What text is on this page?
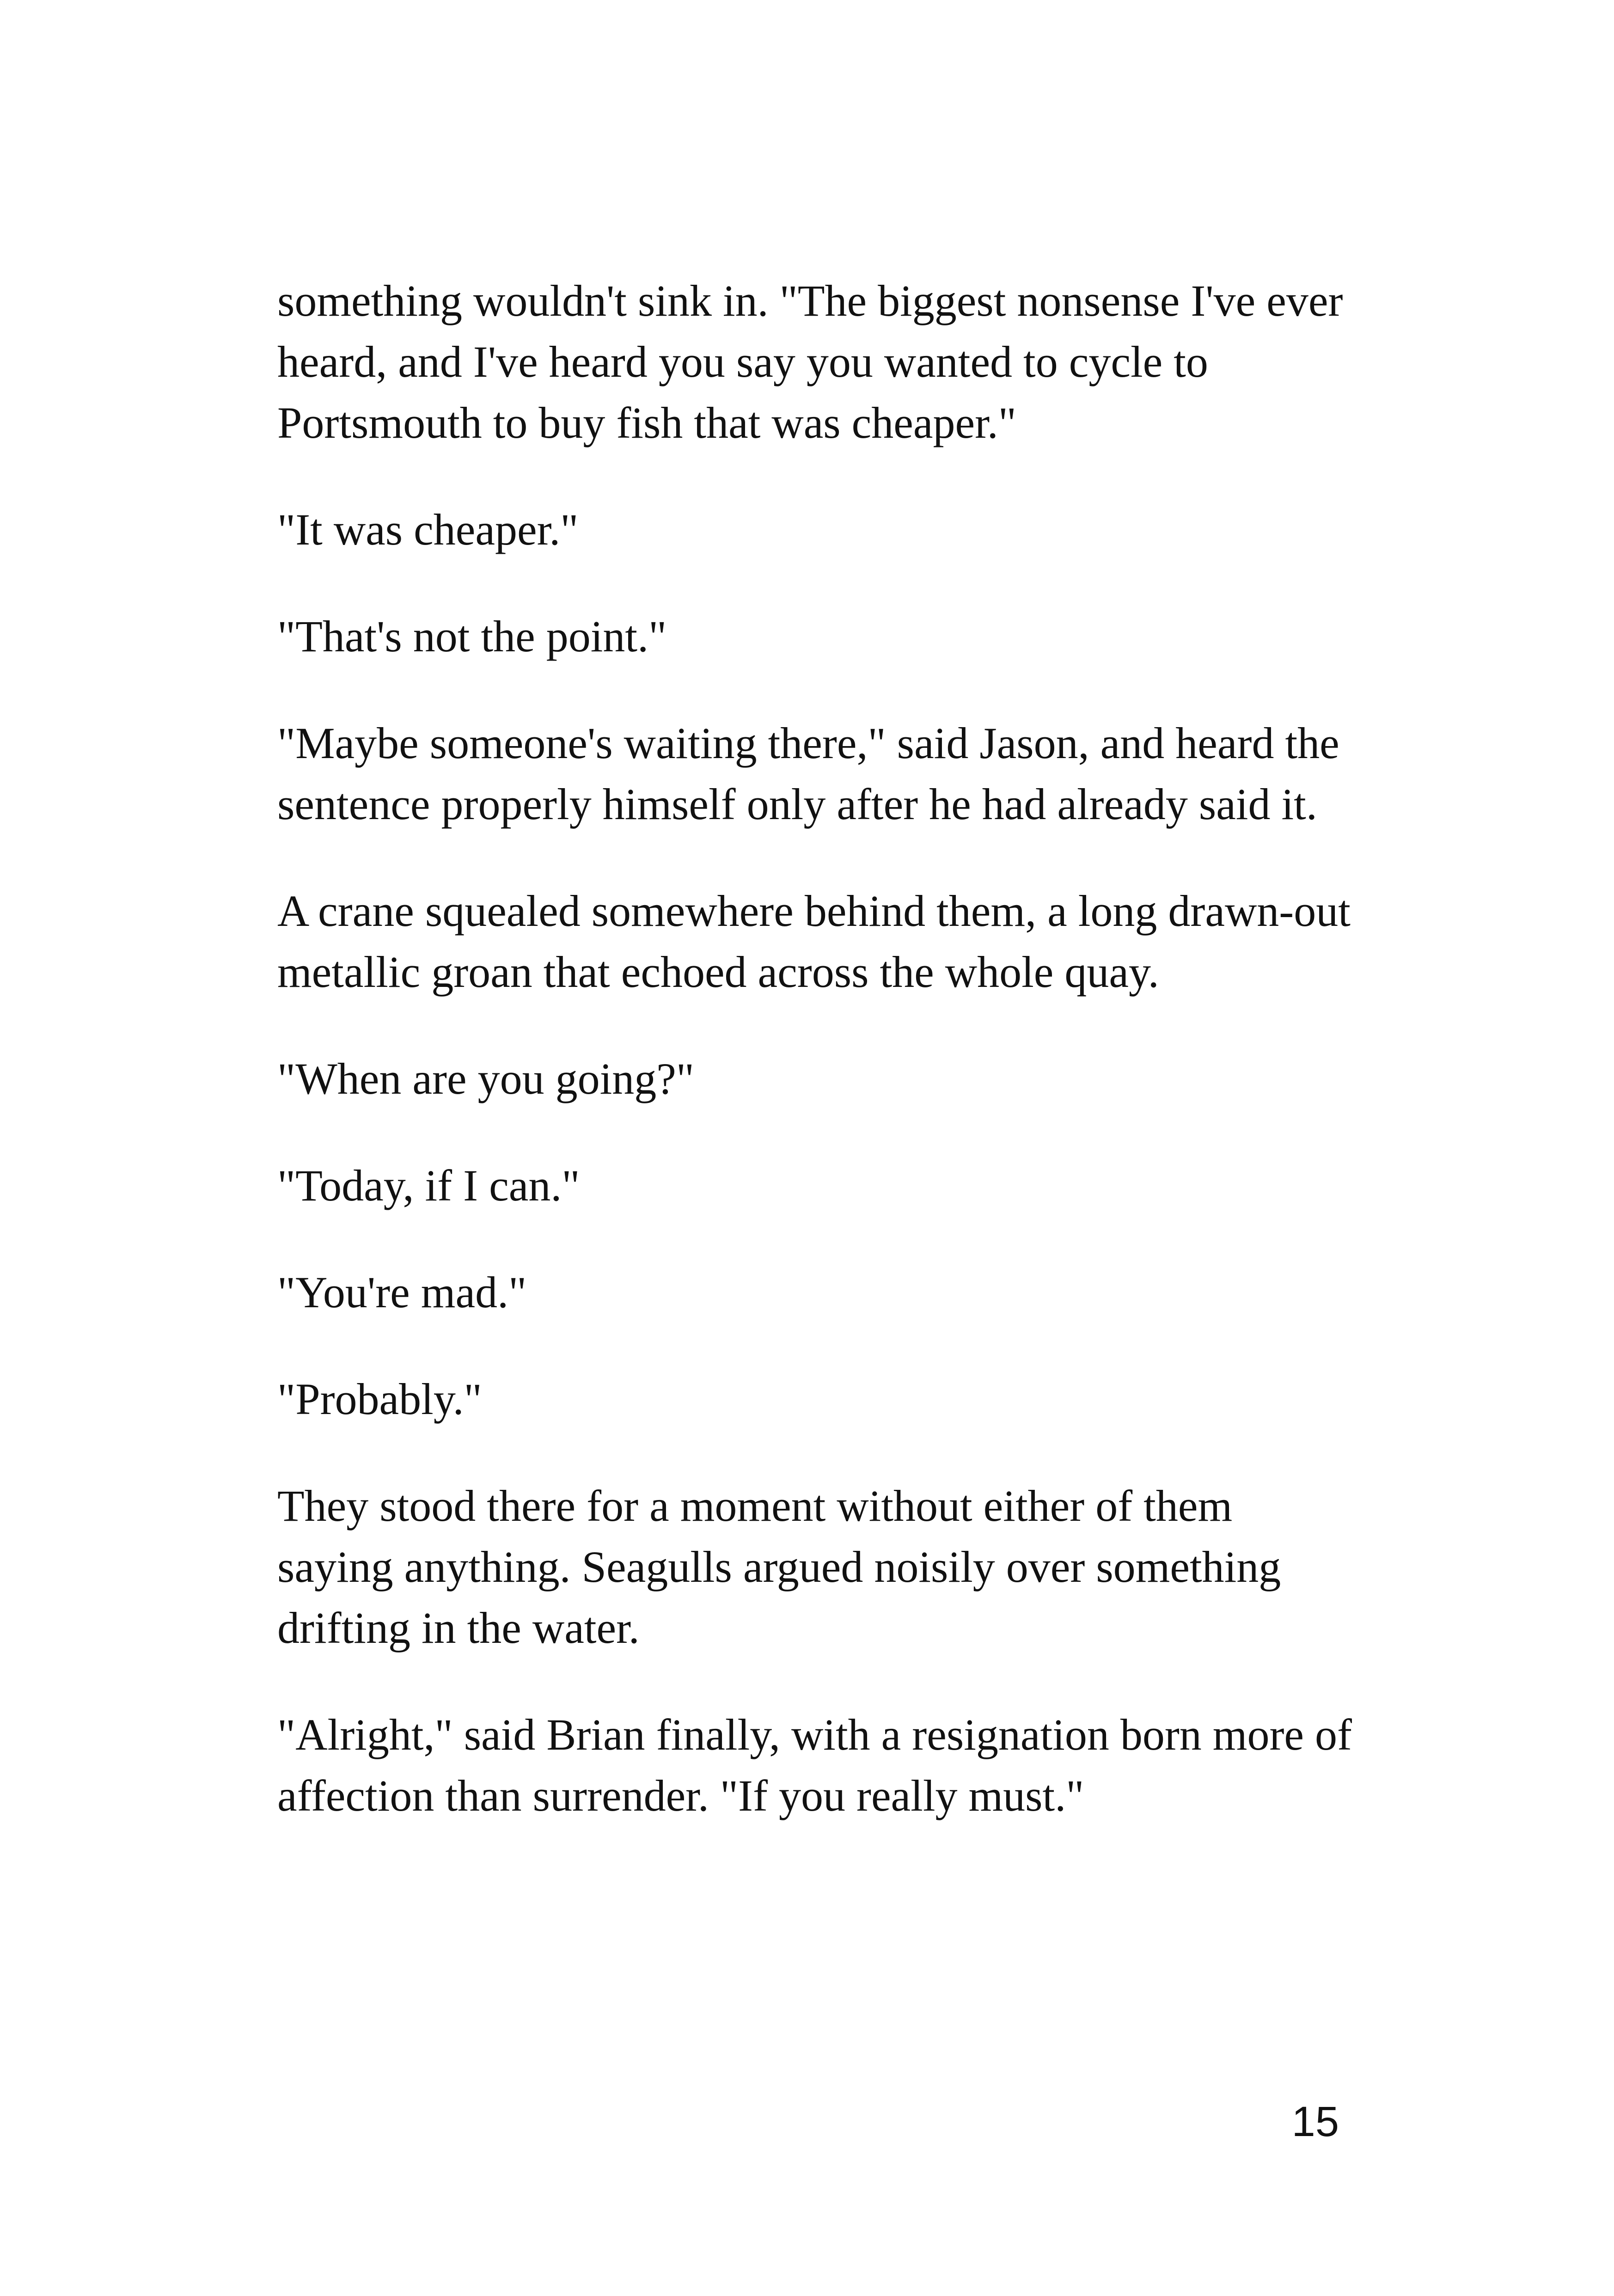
something wouldn't sink in. "The biggest nonsense I've ever heard, and I've heard you say you wanted to cycle to Portsmouth to buy fish that was cheaper."

"It was cheaper."

"That's not the point."

"Maybe someone's waiting there," said Jason, and heard the sentence properly himself only after he had already said it.

A crane squealed somewhere behind them, a long drawn-out metallic groan that echoed across the whole quay.

"When are you going?"

"Today, if I can."

"You're mad."

"Probably."

They stood there for a moment without either of them saying anything. Seagulls argued noisily over something drifting in the water.

"Alright," said Brian finally, with a resignation born more of affection than surrender. "If you really must."

15
